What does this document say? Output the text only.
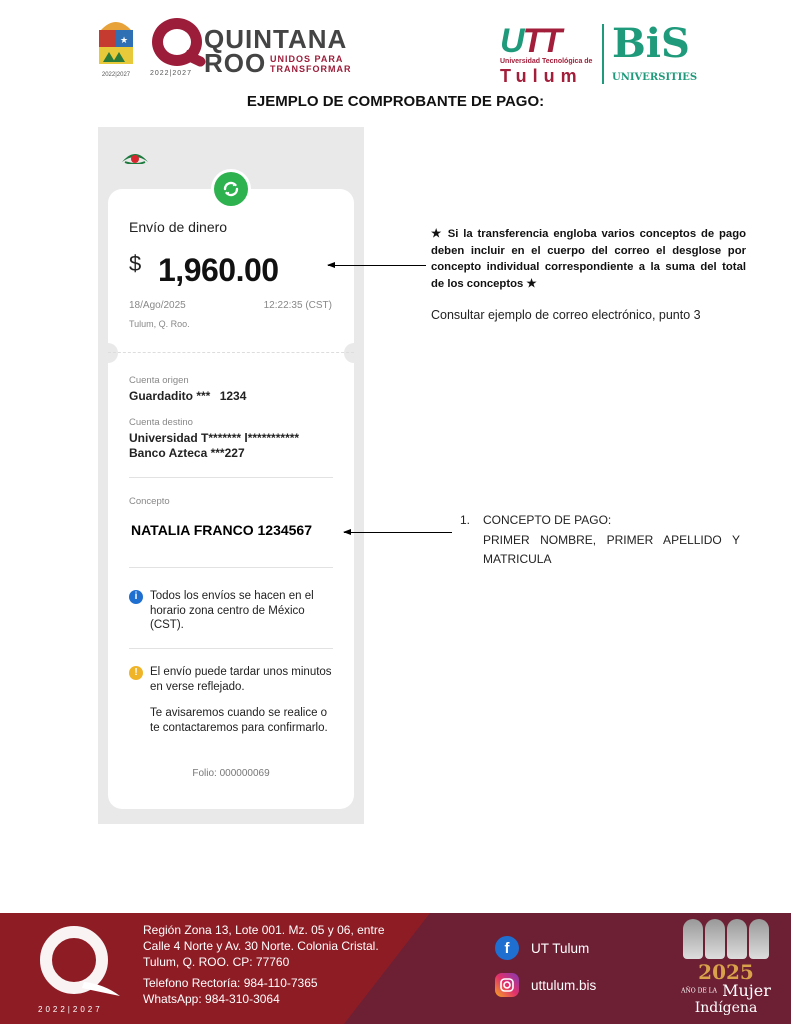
★
2022|2027
QUINTANA
ROO UNIDOS PARA
TRANSFORMAR
2022|2027
UTT
Universidad Tecnológica de
Tulum
BiS
UNIVERSITIES
EJEMPLO DE COMPROBANTE DE PAGO:
Envío de dinero
$ 1,960.00
18/Ago/2025	12:22:35 (CST)
Tulum, Q. Roo.
Cuenta origen
Guardadito *** 1234
Cuenta destino
Universidad T******* l***********
Banco Azteca ***227
Concepto
NATALIA FRANCO 1234567
i	Todos los envíos se hacen en el horario zona centro de México (CST).
!	El envío puede tardar unos minutos en verse reflejado.
Te avisaremos cuando se realice o te contactaremos para confirmarlo.
Folio: 000000069
★ Si la transferencia engloba varios conceptos de pago deben incluir en el cuerpo del correo el desglose por concepto individual correspondiente a la suma del total de los conceptos ★
Consultar ejemplo de correo electrónico, punto 3
1. CONCEPTO DE PAGO:
PRIMER NOMBRE, PRIMER APELLIDO Y
MATRICULA
2022|2027
Región Zona 13, Lote 001. Mz. 05 y 06, entre
Calle 4 Norte y Av. 30 Norte. Colonia Cristal.
Tulum, Q. ROO. CP: 77760
Telefono Rectoría: 984-110-7365
WhatsApp: 984-310-3064
f	UT Tulum
uttulum.bis
2025
AÑO DE LA Mujer
Indígena
